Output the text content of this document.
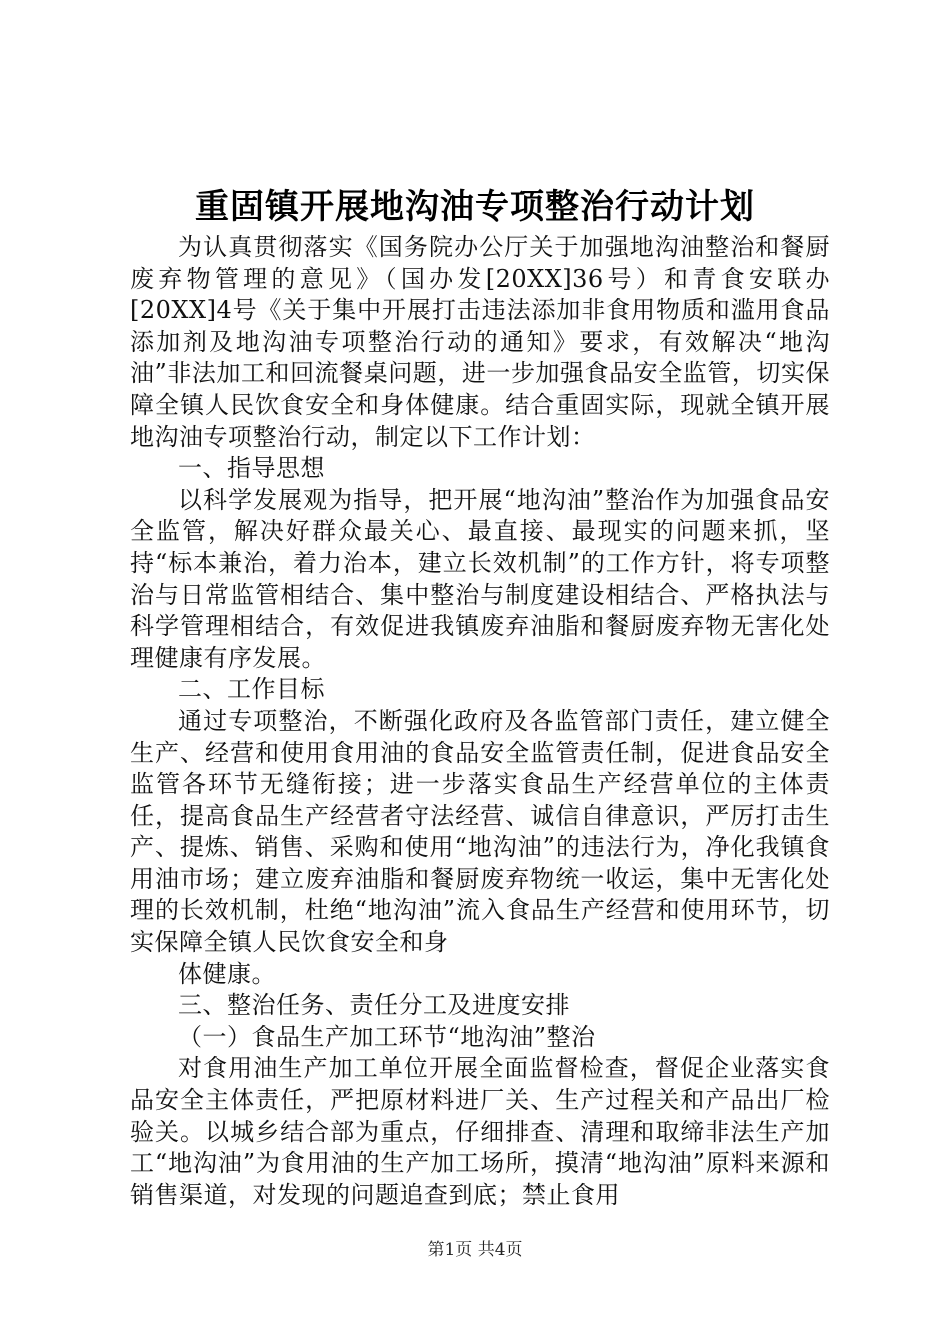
重固镇开展地沟油专项整治行动计划

为认真贯彻落实《国务院办公厅关于加强地沟油整治和餐厨废弃物管理的意见》（国办发[20XX]36号）和青食安联办[20XX]4号《关于集中开展打击违法添加非食用物质和滥用食品添加剂及地沟油专项整治行动的通知》要求，有效解决“地沟油”非法加工和回流餐桌问题，进一步加强食品安全监管，切实保障全镇人民饮食安全和身体健康。结合重固实际，现就全镇开展地沟油专项整治行动，制定以下工作计划：

一、指导思想

以科学发展观为指导，把开展“地沟油”整治作为加强食品安全监管，解决好群众最关心、最直接、最现实的问题来抓，坚持“标本兼治，着力治本，建立长效机制”的工作方针，将专项整治与日常监管相结合、集中整治与制度建设相结合、严格执法与科学管理相结合，有效促进我镇废弃油脂和餐厨废弃物无害化处理健康有序发展。

二、工作目标

通过专项整治，不断强化政府及各监管部门责任，建立健全生产、经营和使用食用油的食品安全监管责任制，促进食品安全监管各环节无缝衔接；进一步落实食品生产经营单位的主体责任，提高食品生产经营者守法经营、诚信自律意识，严厉打击生产、提炼、销售、采购和使用“地沟油”的违法行为，净化我镇食用油市场；建立废弃油脂和餐厨废弃物统一收运，集中无害化处理的长效机制，杜绝“地沟油”流入食品生产经营和使用环节，切实保障全镇人民饮食安全和身

体健康。

三、整治任务、责任分工及进度安排

（一）食品生产加工环节“地沟油”整治

对食用油生产加工单位开展全面监督检查，督促企业落实食品安全主体责任，严把原材料进厂关、生产过程关和产品出厂检验关。以城乡结合部为重点，仔细排查、清理和取缔非法生产加工“地沟油”为食用油的生产加工场所，摸清“地沟油”原料来源和销售渠道，对发现的问题追查到底；禁止食用

第1页 共4页
